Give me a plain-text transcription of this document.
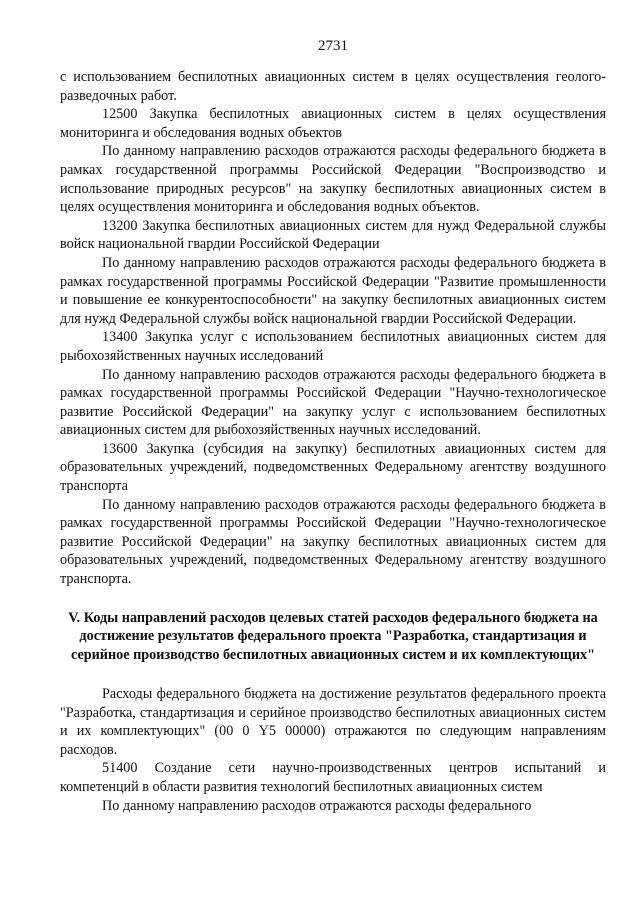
2731

с использованием беспилотных авиационных систем в целях осуществления геолого-разведочных работ.

12500 Закупка беспилотных авиационных систем в целях осуществления мониторинга и обследования водных объектов

По данному направлению расходов отражаются расходы федерального бюджета в рамках государственной программы Российской Федерации "Воспроизводство и использование природных ресурсов" на закупку беспилотных авиационных систем в целях осуществления мониторинга и обследования водных объектов.

13200 Закупка беспилотных авиационных систем для нужд Федеральной службы войск национальной гвардии Российской Федерации

По данному направлению расходов отражаются расходы федерального бюджета в рамках государственной программы Российской Федерации "Развитие промышленности и повышение ее конкурентоспособности" на закупку беспилотных авиационных систем для нужд Федеральной службы войск национальной гвардии Российской Федерации.

13400 Закупка услуг с использованием беспилотных авиационных систем для рыбохозяйственных научных исследований

По данному направлению расходов отражаются расходы федерального бюджета в рамках государственной программы Российской Федерации "Научно-технологическое развитие Российской Федерации" на закупку услуг с использованием беспилотных авиационных систем для рыбохозяйственных научных исследований.

13600 Закупка (субсидия на закупку) беспилотных авиационных систем для образовательных учреждений, подведомственных Федеральному агентству воздушного транспорта

По данному направлению расходов отражаются расходы федерального бюджета в рамках государственной программы Российской Федерации "Научно-технологическое развитие Российской Федерации" на закупку беспилотных авиационных систем для образовательных учреждений, подведомственных Федеральному агентству воздушного транспорта.

V. Коды направлений расходов целевых статей расходов федерального бюджета на достижение результатов федерального проекта "Разработка, стандартизация и серийное производство беспилотных авиационных систем и их комплектующих"

Расходы федерального бюджета на достижение результатов федерального проекта "Разработка, стандартизация и серийное производство беспилотных авиационных систем и их комплектующих" (00 0 Y5 00000) отражаются по следующим направлениям расходов.

51400 Создание сети научно-производственных центров испытаний и компетенций в области развития технологий беспилотных авиационных систем

По данному направлению расходов отражаются расходы федерального
